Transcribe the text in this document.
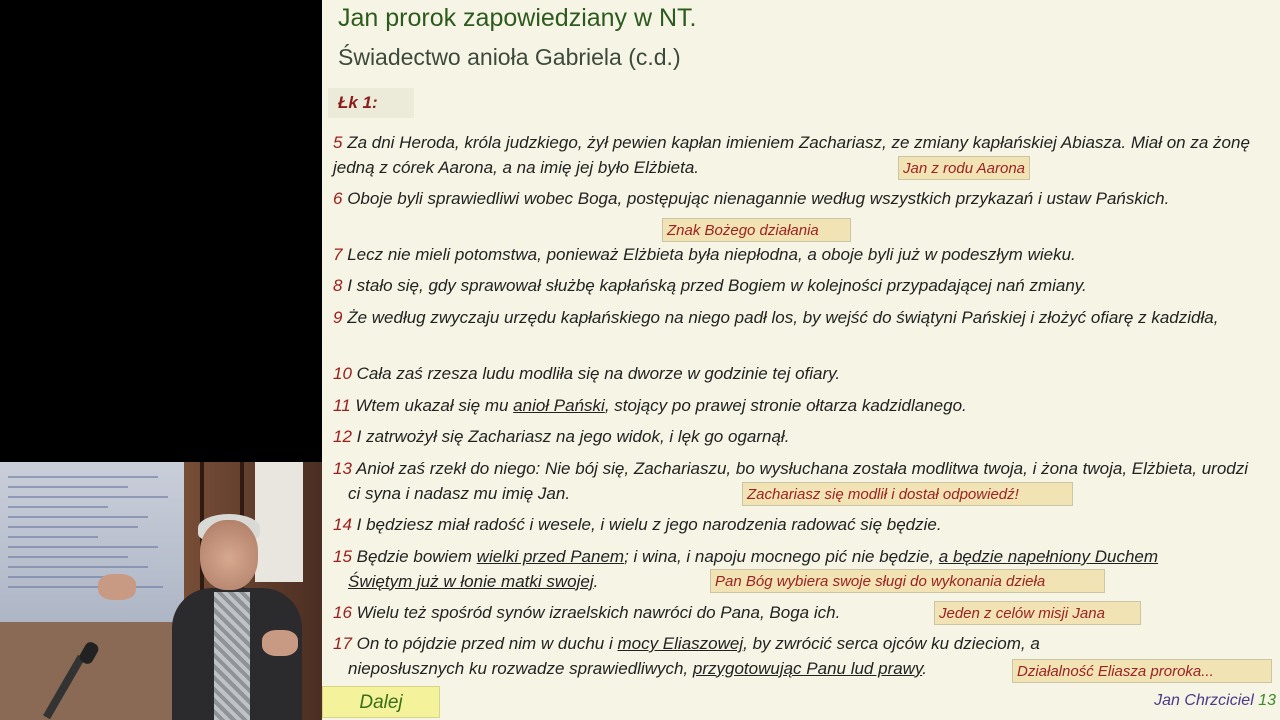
Jan prorok zapowiedziany w NT.
Świadectwo anioła Gabriela (c.d.)
Łk 1:
5 Za dni Heroda, króla judzkiego, żył pewien kapłan imieniem Zachariasz, ze zmiany kapłańskiej Abiasza. Miał on za żonę jedną z córek Aarona, a na imię jej było Elżbieta.
6 Oboje byli sprawiedliwi wobec Boga, postępując nienagannie według wszystkich przykazań i ustaw Pańskich.
7 Lecz nie mieli potomstwa, ponieważ Elżbieta była niepłodna, a oboje byli już w podeszłym wieku.
8 I stało się, gdy sprawował służbę kapłańską przed Bogiem w kolejności przypadającej nań zmiany.
9 Że według zwyczaju urzędu kapłańskiego na niego padł los, by wejść do świątyni Pańskiej i złożyć ofiarę z kadzidła,
10 Cała zaś rzesza ludu modliła się na dworze w godzinie tej ofiary.
11 Wtem ukazał się mu anioł Pański, stojący po prawej stronie ołtarza kadzidlanego.
12 I zatrwożył się Zachariasz na jego widok, i lęk go ogarnął.
13 Anioł zaś rzekł do niego: Nie bój się, Zachariaszu, bo wysłuchana została modlitwa twoja, i żona twoja, Elżbieta, urodzi ci syna i nadasz mu imię Jan.
14 I będziesz miał radość i wesele, i wielu z jego narodzenia radować się będzie.
15 Będzie bowiem wielki przed Panem; i wina, i napoju mocnego pić nie będzie, a będzie napełniony Duchem Świętym już w łonie matki swojej.
16 Wielu też spośród synów izraelskich nawróci do Pana, Boga ich.
17 On to pójdzie przed nim w duchu i mocy Eliaszowej, by zwrócić serca ojców ku dzieciom, a nieposłusznych ku rozwadze sprawiedliwych, przygotowując Panu lud prawy.
Jan z rodu Aarona
Znak Bożego działania
Zachariasz się modlił i dostał odpowiedź!
Pan Bóg wybiera swoje sługi do wykonania dzieła
Jeden z celów misji Jana
Działalność Eliasza proroka...
Dalej	Jan Chrzciciel 13
